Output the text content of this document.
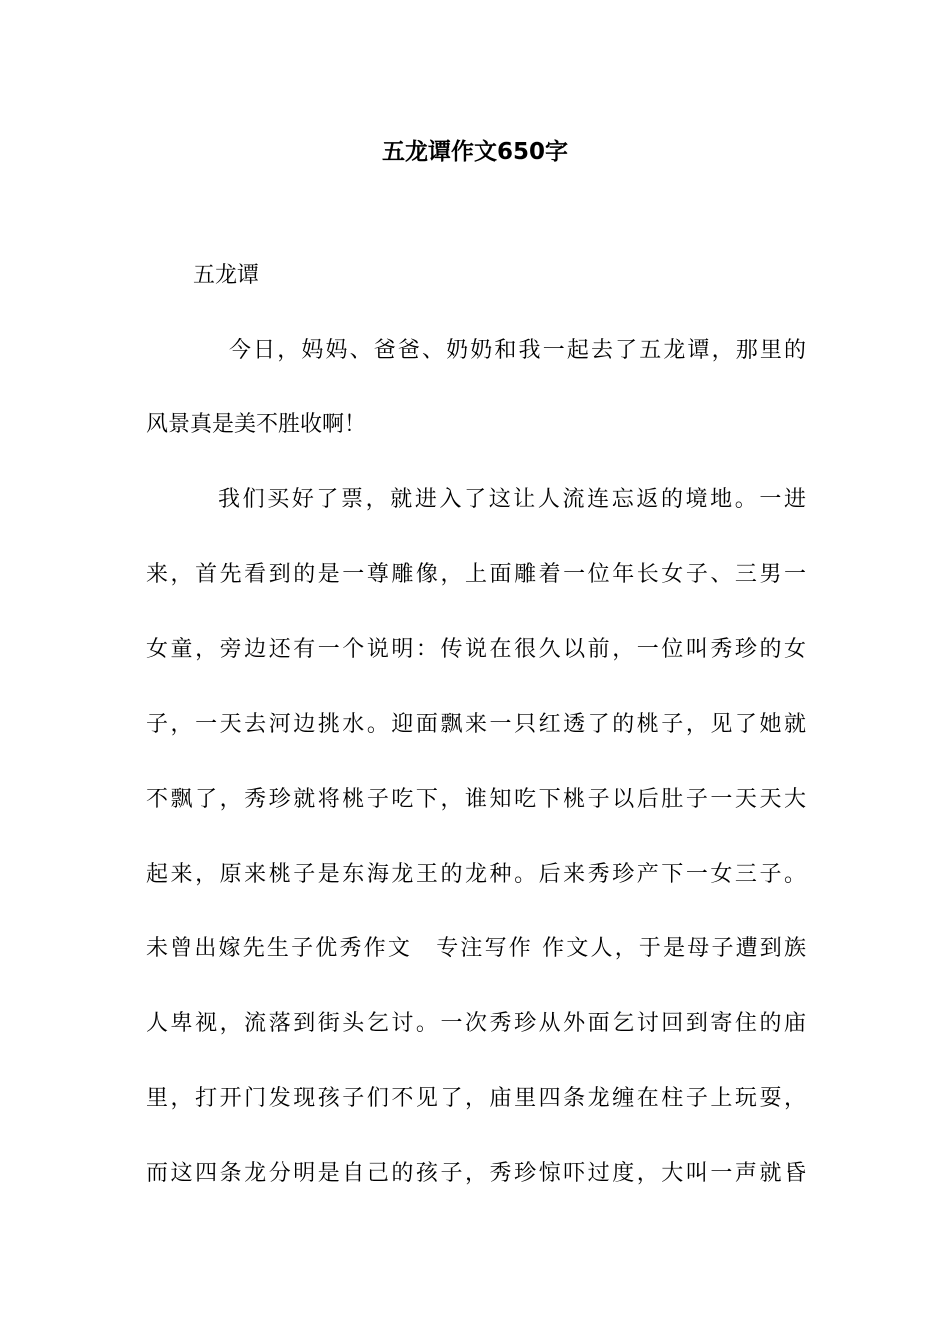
五龙谭作文650字

五龙谭

今日，妈妈、爸爸、奶奶和我一起去了五龙谭，那里的

风景真是美不胜收啊！

我们买好了票，就进入了这让人流连忘返的境地。一进

来，首先看到的是一尊雕像，上面雕着一位年长女子、三男一

女童，旁边还有一个说明：传说在很久以前，一位叫秀珍的女

子，一天去河边挑水。迎面飘来一只红透了的桃子，见了她就

不飘了，秀珍就将桃子吃下，谁知吃下桃子以后肚子一天天大

起来，原来桃子是东海龙王的龙种。后来秀珍产下一女三子。

未曾出嫁先生子优秀作文　专注写作 作文人，于是母子遭到族

人卑视，流落到街头乞讨。一次秀珍从外面乞讨回到寄住的庙

里，打开门发现孩子们不见了，庙里四条龙缠在柱子上玩耍，

而这四条龙分明是自己的孩子，秀珍惊吓过度，大叫一声就昏
